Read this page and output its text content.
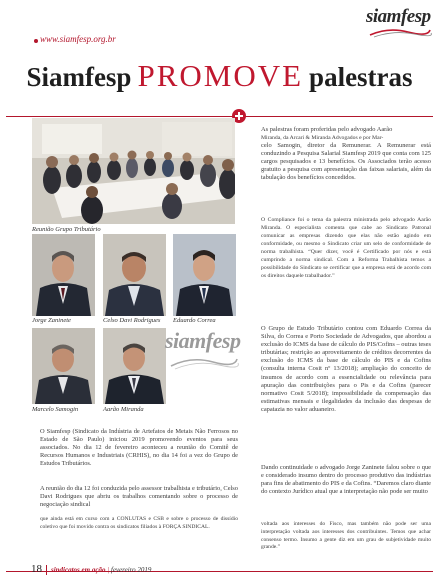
siamfesp
www.siamfesp.org.br
Siamfesp PROMOVE palestras
Reunião Grupo Tributário
Jorge Zaninete	Celso Davi Rodrigues Eduardo Correa
Marcelo Samogin	Aarão Miranda
siamfesp
O Siamfesp (Sindicato da Indústria de Artefatos de Metais Não Ferrosos no Estado de São Paulo) iniciou 2019 promovendo eventos para seus associados. No dia 12 de fevereiro aconteceu a reunião do Comitê de Recursos Humanos e Industriais (CRHIS), no dia 14 foi a vez do Grupo de Estudos Tributários.
A reunião do dia 12 foi conduzida pelo assessor trabalhista e tributário, Celso Davi Rodrigues que abriu os trabalhos comentando sobre o processo de negociação sindical
que ainda está em curso com a CONLUTAS e CSB e sobre o processo de dissídio coletivo que foi movido contra os sindicatos filiados à FORÇA SINDICAL.
As palestras foram proferidas pelo advogado Aarão
Miranda, da Arcari & Miranda Advogados e por Mar-
celo Samogin, diretor da Remunerar. A Remunerar está conduzindo a Pesquisa Salarial Siamfesp 2019 que conta com 125 cargos pesquisados e 13 benefícios. Os Associados terão acesso gratuito a pesquisa com apresentação das faixas salariais, além da tabulação dos benefícios concedidos.
O Compliance foi o tema da palestra ministrada pelo advogado Aarão Miranda. O especialista comenta que cabe ao Sindicato Patronal comunicar as empresas dizendo que elas não estão agindo em conformidade, ou mesmo o Sindicato criar um selo de conformidade de norma trabalhista. “Quer dizer, você é Certificado por nós e está cumprindo a norma sindical. Com a Reforma Trabalhista temos a possibilidade do Sindicato se certificar que a empresa está de acordo com os direitos daquele trabalhador.”
O Grupo de Estudo Tributário contou com Eduardo Correa da Silva, do Correa e Porto Sociedade de Advogados, que abordou a exclusão do ICMS da base de cálculo do PIS/Cofins – outras teses tributárias; restrição ao aproveitamento de créditos decorrentes da exclusão do ICMS da base de cálculo do PIS e da Cofins (consulta interna Cosit nº 13/2018); ampliação do conceito de insumos de acordo com a essencialidade ou relevância para apuração das contribuições para o Pis e da Cofins (parecer normativo Cosit 5/2018); impossibilidade da compensação das estimativas mensais e ilegalidades da inclusão das despesas de capatazia no valor aduaneiro.
Dando continuidade o advogado Jorge Zaninete falou sobre o que e considerado insumo dentro do processo produtivo das indústrias para fins de abatimento do PIS e da Cofins. “Daremos claro diante do contexto Jurídico atual que a interpretação não pode ser muito
voltada aos interesses do Fisco, mas também não pode ser uma interpretação voltada aos interesses dos contribuintes. Temos que achar consenso termo. Insumo a gente diz em um grau de subjetividade muito grande.”
18 sindicatos em ação | fevereiro 2019
